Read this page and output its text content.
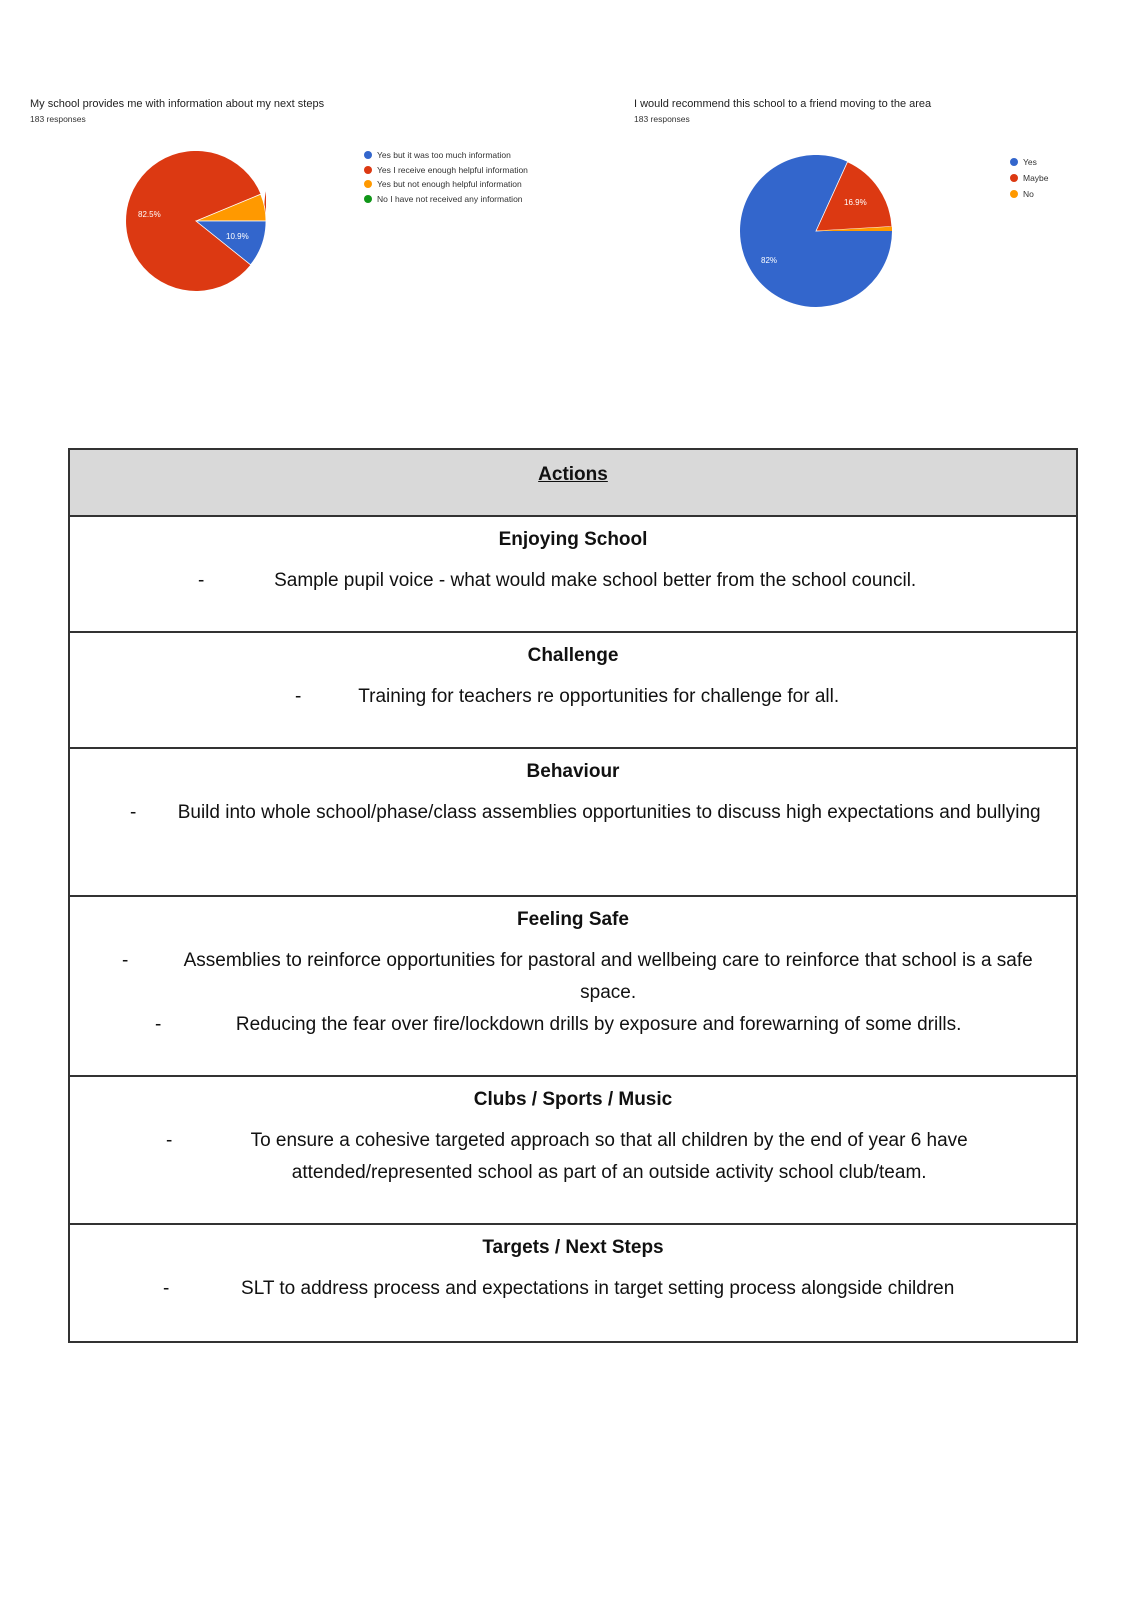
My school provides me with information about my next steps
183 responses
82.5%
10.9%
Yes but it was too much information
Yes I receive enough helpful information
Yes but not enough helpful information
No I have not received any information
I would recommend this school to a friend moving to the area
183 responses
82%
16.9%
Yes
Maybe
No
Actions
Enjoying School
-	Sample pupil voice - what would make school better from the school council.
Challenge
-	Training for teachers re opportunities for challenge for all.
Behaviour
-	Build into whole school/phase/class assemblies opportunities to discuss high expectations and bullying
Feeling Safe
-	Assemblies to reinforce opportunities for pastoral and wellbeing care to reinforce that school is a safe space.
-	Reducing the fear over fire/lockdown drills by exposure and forewarning of some drills.
Clubs / Sports / Music
-	To ensure a cohesive targeted approach so that all children by the end of year 6 have attended/represented school as part of an outside activity school club/team.
Targets / Next Steps
-	SLT to address process and expectations in target setting process alongside children
